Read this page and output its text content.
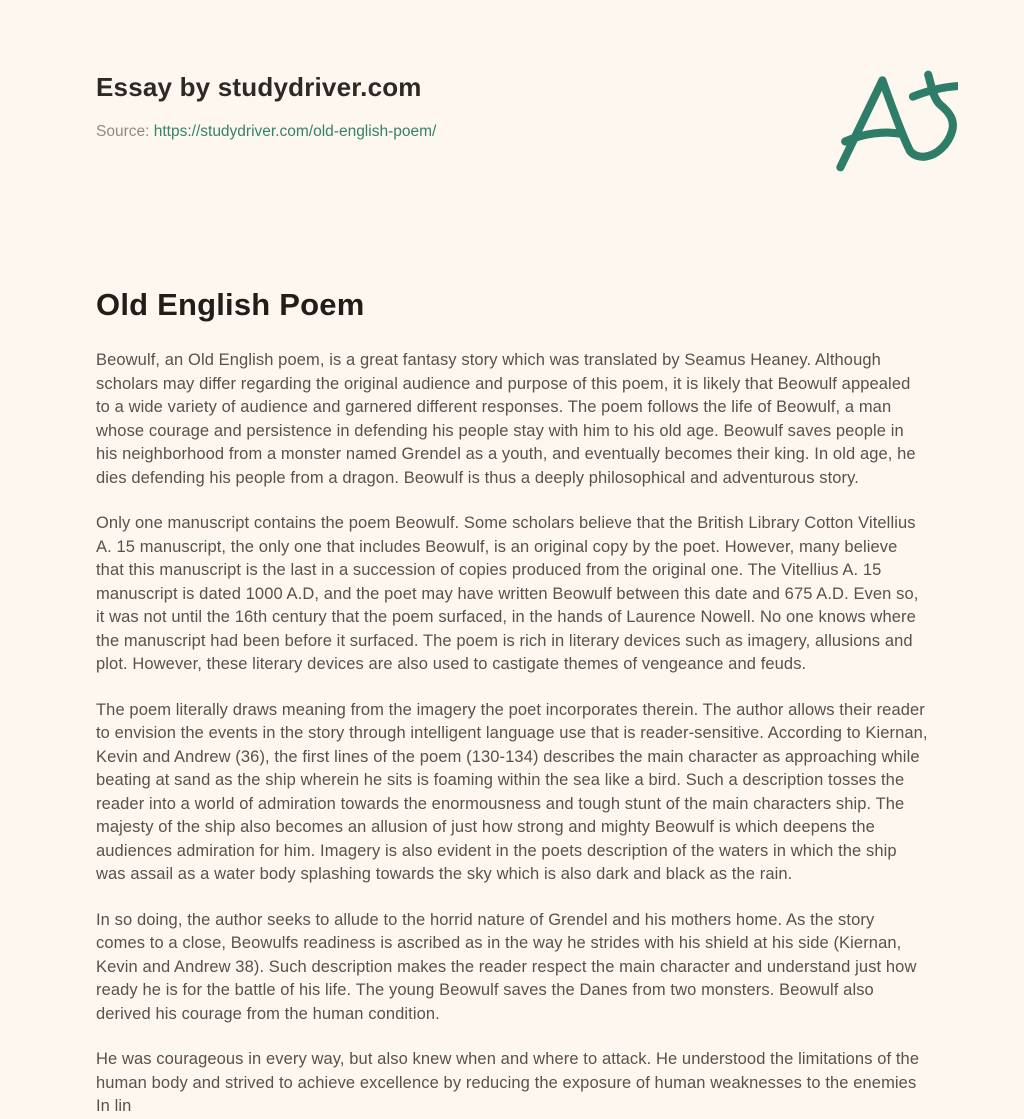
Essay by studydriver.com
Source: https://studydriver.com/old-english-poem/
Old English Poem

Beowulf, an Old English poem, is a great fantasy story which was translated by Seamus Heaney. Although scholars may differ regarding the original audience and purpose of this poem, it is likely that Beowulf appealed to a wide variety of audience and garnered different responses. The poem follows the life of Beowulf, a man whose courage and persistence in defending his people stay with him to his old age. Beowulf saves people in his neighborhood from a monster named Grendel as a youth, and eventually becomes their king. In old age, he dies defending his people from a dragon. Beowulf is thus a deeply philosophical and adventurous story.

Only one manuscript contains the poem Beowulf. Some scholars believe that the British Library Cotton Vitellius A. 15 manuscript, the only one that includes Beowulf, is an original copy by the poet. However, many believe that this manuscript is the last in a succession of copies produced from the original one. The Vitellius A. 15 manuscript is dated 1000 A.D, and the poet may have written Beowulf between this date and 675 A.D. Even so, it was not until the 16th century that the poem surfaced, in the hands of Laurence Nowell. No one knows where the manuscript had been before it surfaced. The poem is rich in literary devices such as imagery, allusions and plot. However, these literary devices are also used to castigate themes of vengeance and feuds.

The poem literally draws meaning from the imagery the poet incorporates therein. The author allows their reader to envision the events in the story through intelligent language use that is reader-sensitive. According to Kiernan, Kevin and Andrew (36), the first lines of the poem (130-134) describes the main character as approaching while beating at sand as the ship wherein he sits is foaming within the sea like a bird. Such a description tosses the reader into a world of admiration towards the enormousness and tough stunt of the main characters ship. The majesty of the ship also becomes an allusion of just how strong and mighty Beowulf is which deepens the audiences admiration for him. Imagery is also evident in the poets description of the waters in which the ship was assail as a water body splashing towards the sky which is also dark and black as the rain.

In so doing, the author seeks to allude to the horrid nature of Grendel and his mothers home. As the story comes to a close, Beowulfs readiness is ascribed as in the way he strides with his shield at his side (Kiernan, Kevin and Andrew 38). Such description makes the reader respect the main character and understand just how ready he is for the battle of his life. The young Beowulf saves the Danes from two monsters. Beowulf also derived his courage from the human condition.

He was courageous in every way, but also knew when and where to attack. He understood the limitations of the human body and strived to achieve excellence by reducing the exposure of human weaknesses to the enemies In lin
